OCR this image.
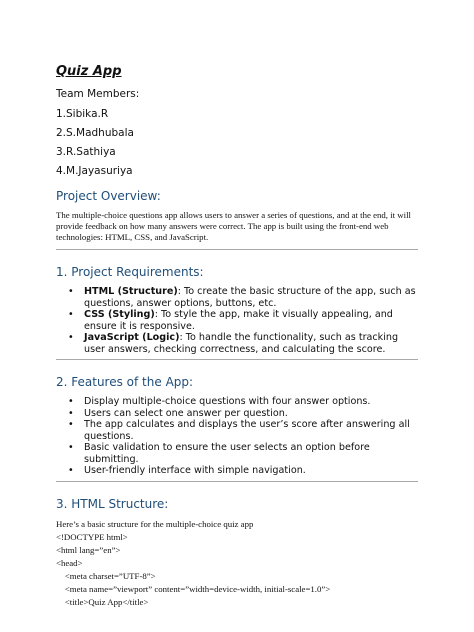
Quiz App
Team Members:
1.Sibika.R
2.S.Madhubala
3.R.Sathiya
4.M.Jayasuriya
Project Overview:
The multiple-choice questions app allows users to answer a series of questions, and at the end, it will provide feedback on how many answers were correct. The app is built using the front-end web technologies: HTML, CSS, and JavaScript.
1. Project Requirements:
• HTML (Structure): To create the basic structure of the app, such as questions, answer options, buttons, etc.
• CSS (Styling): To style the app, make it visually appealing, and ensure it is responsive.
• JavaScript (Logic): To handle the functionality, such as tracking user answers, checking correctness, and calculating the score.
2. Features of the App:
• Display multiple-choice questions with four answer options.
• Users can select one answer per question.
• The app calculates and displays the user’s score after answering all questions.
• Basic validation to ensure the user selects an option before submitting.
• User-friendly interface with simple navigation.
3. HTML Structure:
Here’s a basic structure for the multiple-choice quiz app
<!DOCTYPE html>
<html lang=”en”>
<head>
<meta charset=”UTF-8”>
<meta name=”viewport” content=”width=device-width, initial-scale=1.0”>
<title>Quiz App</title>
